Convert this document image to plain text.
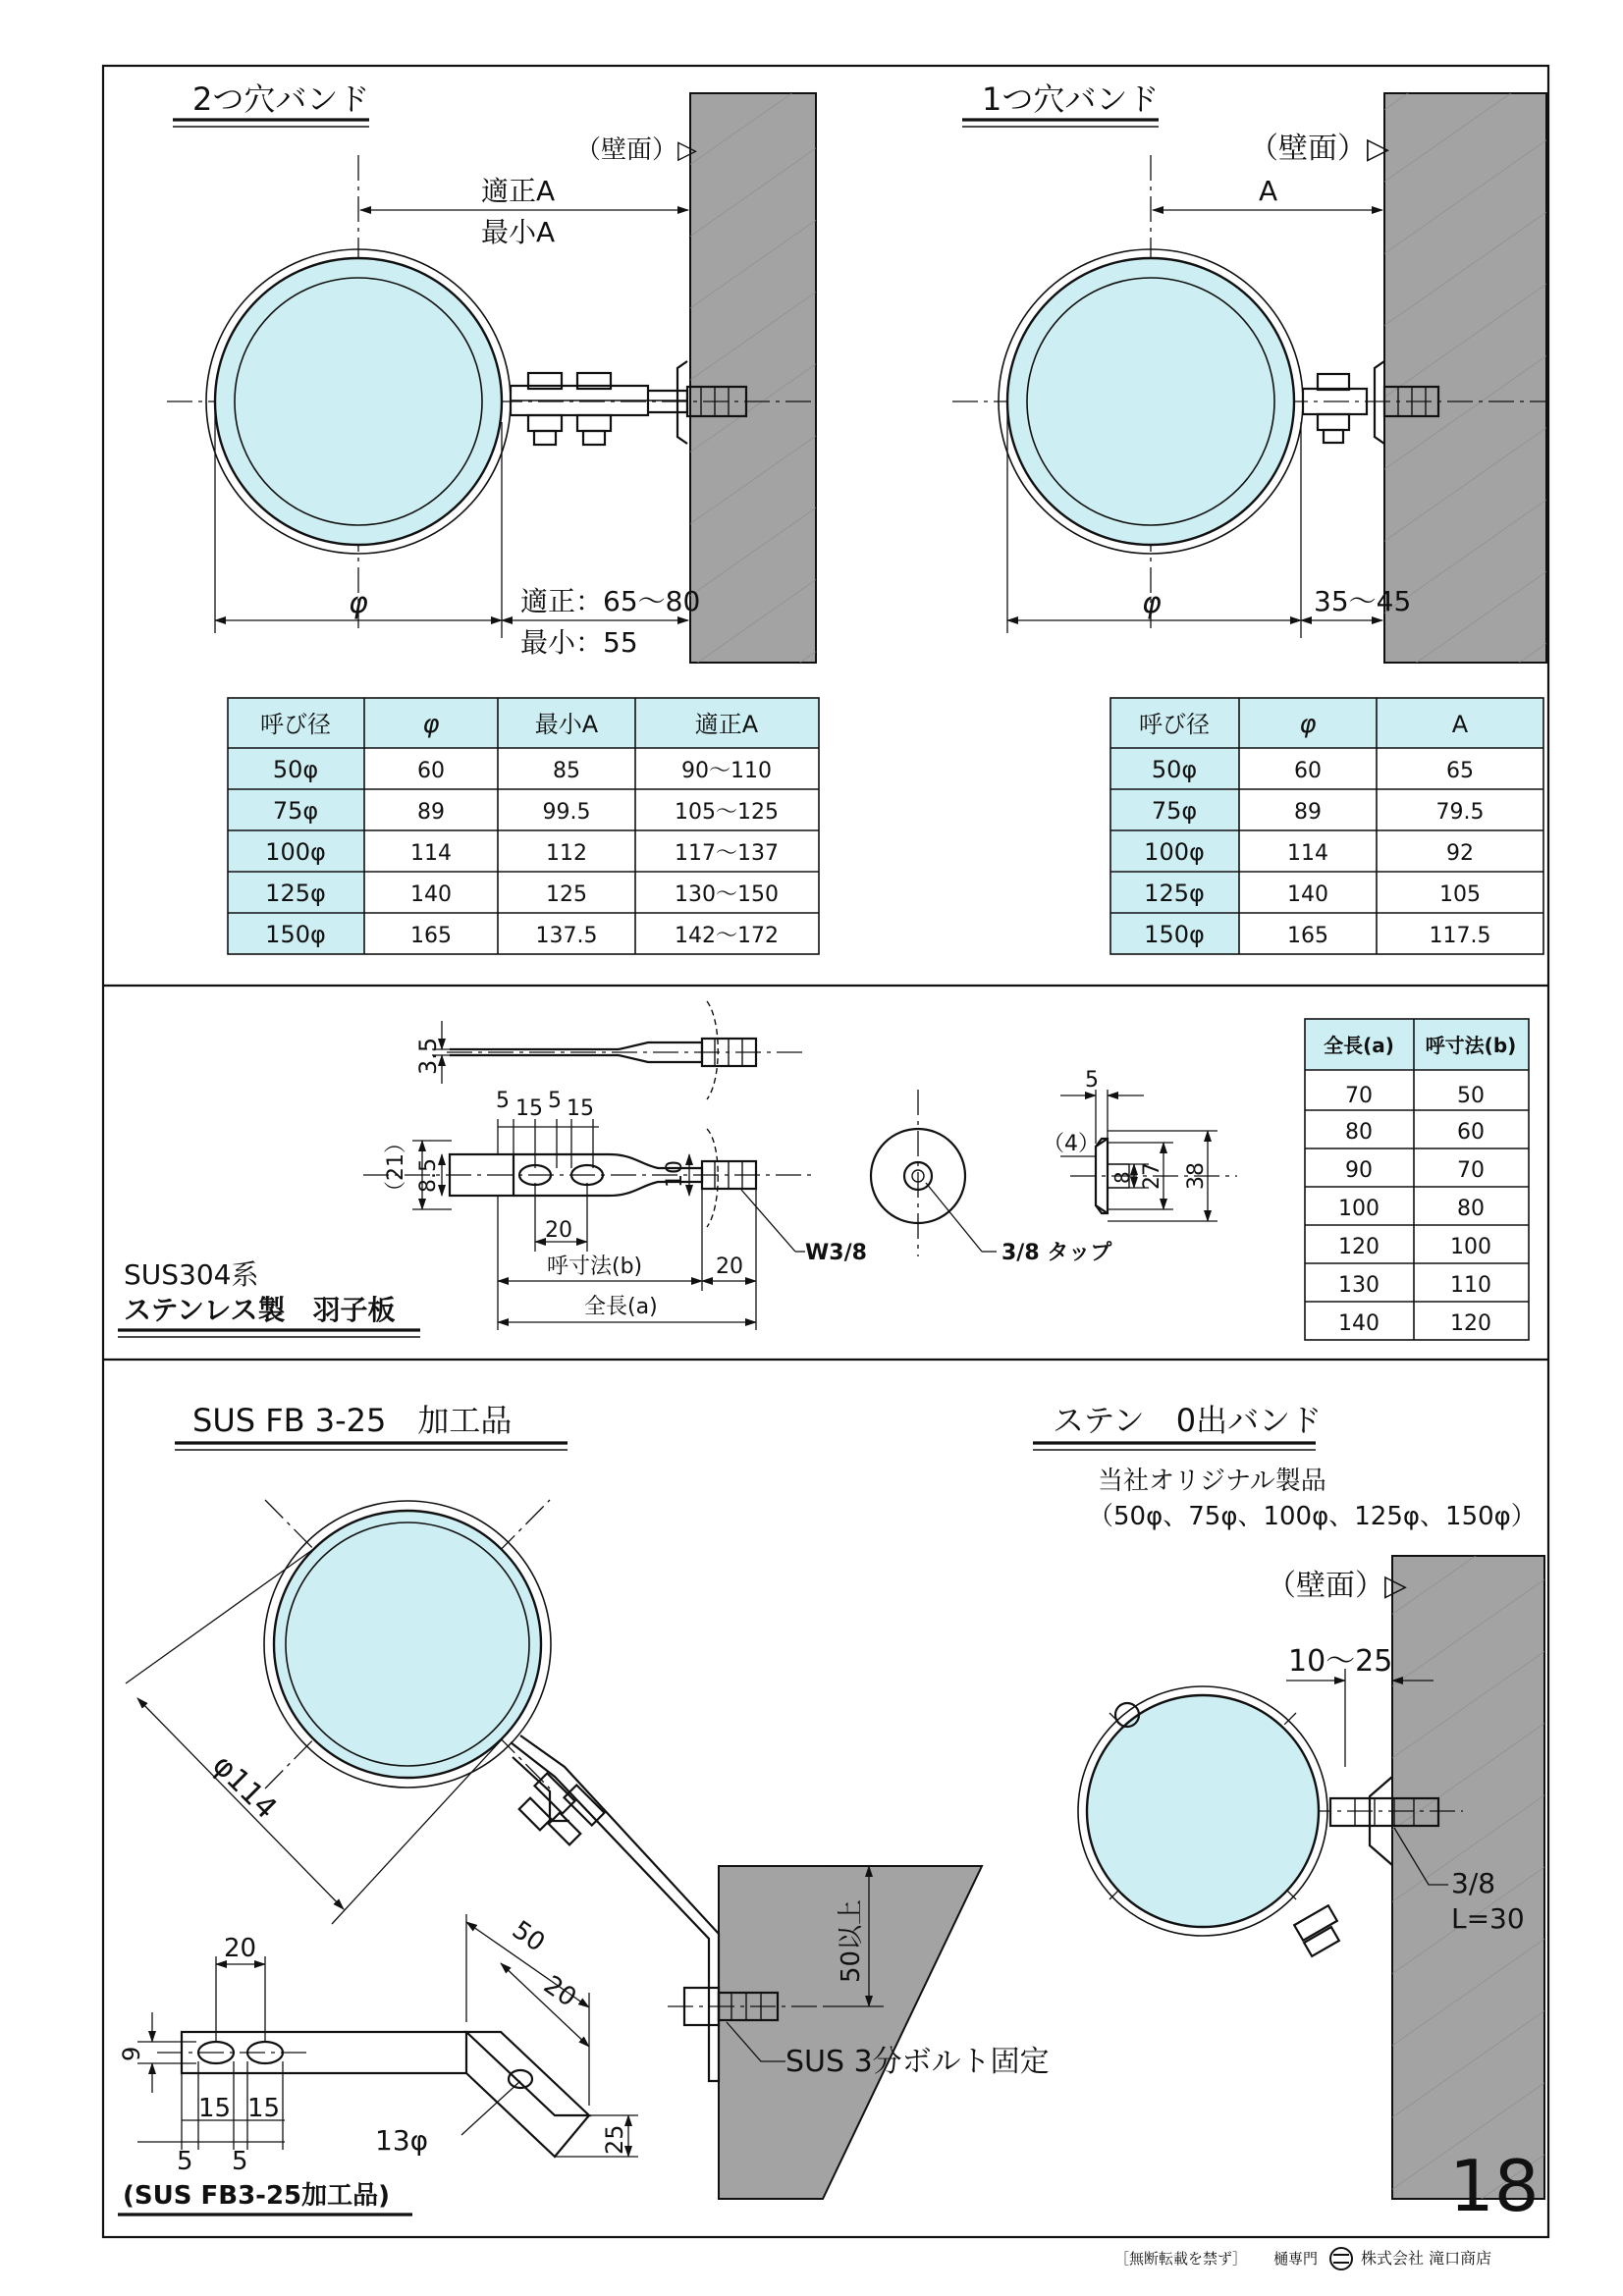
2つ穴バンド
（壁面）▷
適正A
最小A
φ	適正：65～80
最小：55
呼び径	φ	最小A	適正A
50φ	60	85	90～110
75φ	89	99.5	105～125
100φ	114	112	117～137
125φ	140	125	130～150
150φ	165	137.5	142～172
1つ穴バンド
（壁面）▷
A
φ	35～45
呼び径	φ	A
50φ	60	65
75φ	89	79.5
100φ	114	92
125φ	140	105
150φ	165	117.5
3.5
5 15 5 15
（21） 8.5	10
20
呼寸法(b)	20
全長(a)
W3/8	3/8 タップ
5
（4）
8 27 38
SUS304系
ステンレス製　羽子板
全長(a) 呼寸法(b)
70	50
80	60
90	70
100	80
120	100
130	110
140	120
SUS FB 3-25　加工品
φ114
50以上
SUS 3分ボルト固定
20
9
15 15
5 5
50
20
13φ	25
(SUS FB3-25加工品)
ステン　0出バンド
当社オリジナル製品
（50φ、75φ、100φ、125φ、150φ）
（壁面）▷
10～25
3/8
L=30
18
［無断転載を禁ず］ 樋専門	株式会社 滝口商店
